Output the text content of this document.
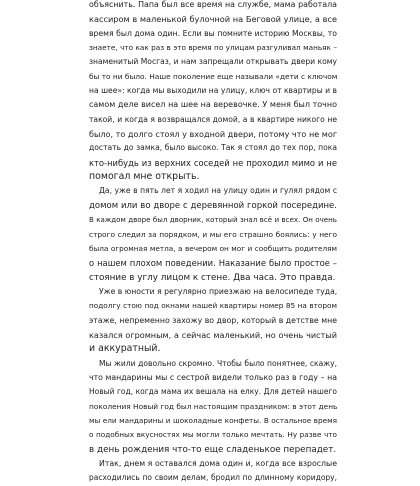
объяснить. Папа был все время на службе, мама работала
кассиром в маленькой булочной на Беговой улице, а все
время был дома один. Если вы помните историю Москвы, то
знаете, что как раз в это время по улицам разгуливал маньяк –
знаменитый Мосгаз, и нам запрещали открывать двери кому
бы то ни было. Наше поколение еще называли «дети с ключом
на шее»: когда мы выходили на улицу, ключ от квартиры и в
самом деле висел на шее на веревочке. У меня был точно
такой, и когда я возвращался домой, а в квартире никого не
было, то долго стоял у входной двери, потому что не мог
достать до замка, было высоко. Так я стоял до тех пор, пока
кто-нибудь из верхних соседей не проходил мимо и не
помогал мне открыть.
Да, уже в пять лет я ходил на улицу один и гулял рядом с
домом или во дворе с деревянной горкой посередине.
В каждом дворе был дворник, который знал всё и всех. Он очень
строго следил за порядком, и мы его страшно боялись: у него
была огромная метла, а вечером он мог и сообщить родителям
о нашем плохом поведении. Наказание было простое –
стояние в углу лицом к стене. Два часа. Это правда.
Уже в юности я регулярно приезжаю на велосипеде туда,
подолгу стою под окнами нашей квартиры номер 85 на втором
этаже, непременно захожу во двор, который в детстве мне
казался огромным, а сейчас маленький, но очень чистый
и аккуратный.
Мы жили довольно скромно. Чтобы было понятнее, скажу,
что мандарины мы с сестрой видели только раз в году – на
Новый год, когда мама их вешала на елку. Для детей нашего
поколения Новый год был настоящим праздником: в этот день
мы ели мандарины и шоколадные конфеты. В остальное время
о подобных вкусностях мы могли только мечтать. Ну разве что
в день рождения что-то еще сладенькое перепадет.
Итак, днем я оставался дома один и, когда все взрослые
расходились по своим делам, бродил по длинному коридору,
